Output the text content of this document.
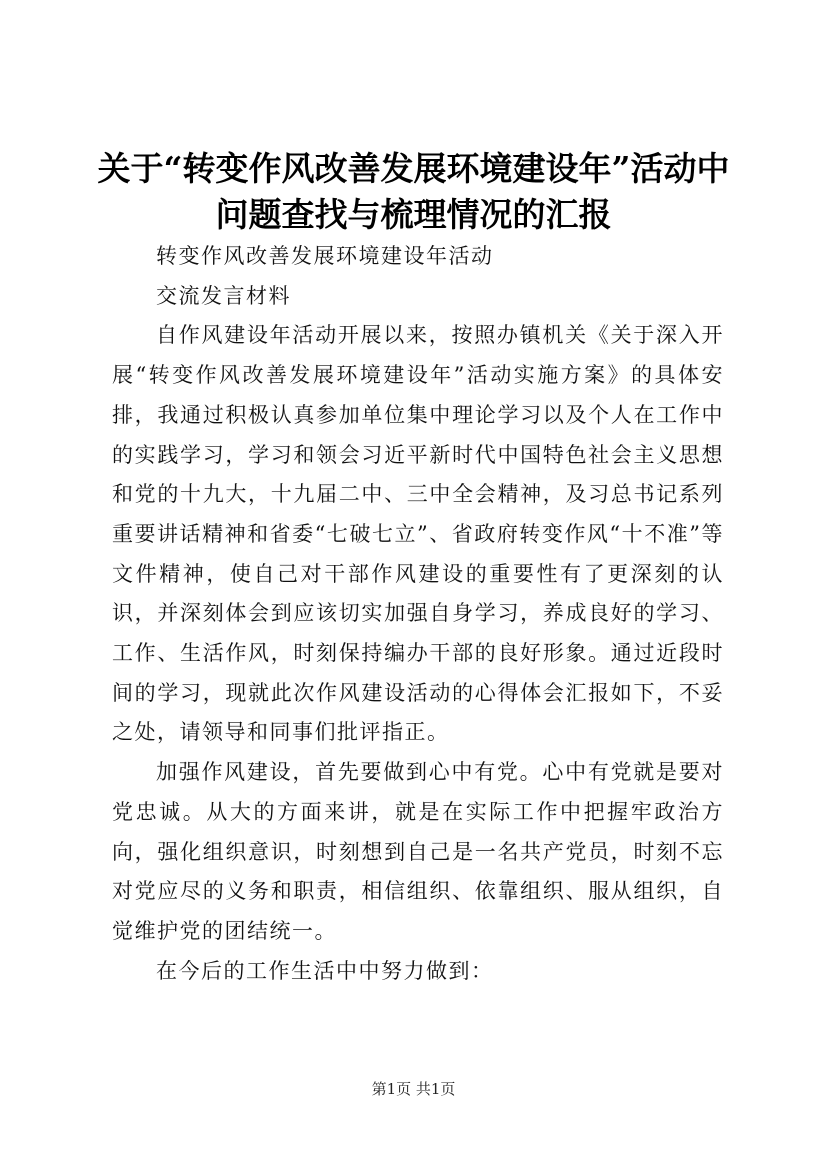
关于“转变作风改善发展环境建设年”活动中
问题查找与梳理情况的汇报

转变作风改善发展环境建设年活动

交流发言材料

自作风建设年活动开展以来，按照办镇机关《关于深入开展“转变作风改善发展环境建设年”活动实施方案》的具体安排，我通过积极认真参加单位集中理论学习以及个人在工作中的实践学习，学习和领会习近平新时代中国特色社会主义思想和党的十九大，十九届二中、三中全会精神，及习总书记系列重要讲话精神和省委“七破七立”、省政府转变作风“十不准”等文件精神，使自己对干部作风建设的重要性有了更深刻的认识，并深刻体会到应该切实加强自身学习，养成良好的学习、工作、生活作风，时刻保持编办干部的良好形象。通过近段时间的学习，现就此次作风建设活动的心得体会汇报如下，不妥之处，请领导和同事们批评指正。

加强作风建设，首先要做到心中有党。心中有党就是要对党忠诚。从大的方面来讲，就是在实际工作中把握牢政治方向，强化组织意识，时刻想到自己是一名共产党员，时刻不忘对党应尽的义务和职责，相信组织、依靠组织、服从组织，自觉维护党的团结统一。

在今后的工作生活中中努力做到：

第1页 共1页
